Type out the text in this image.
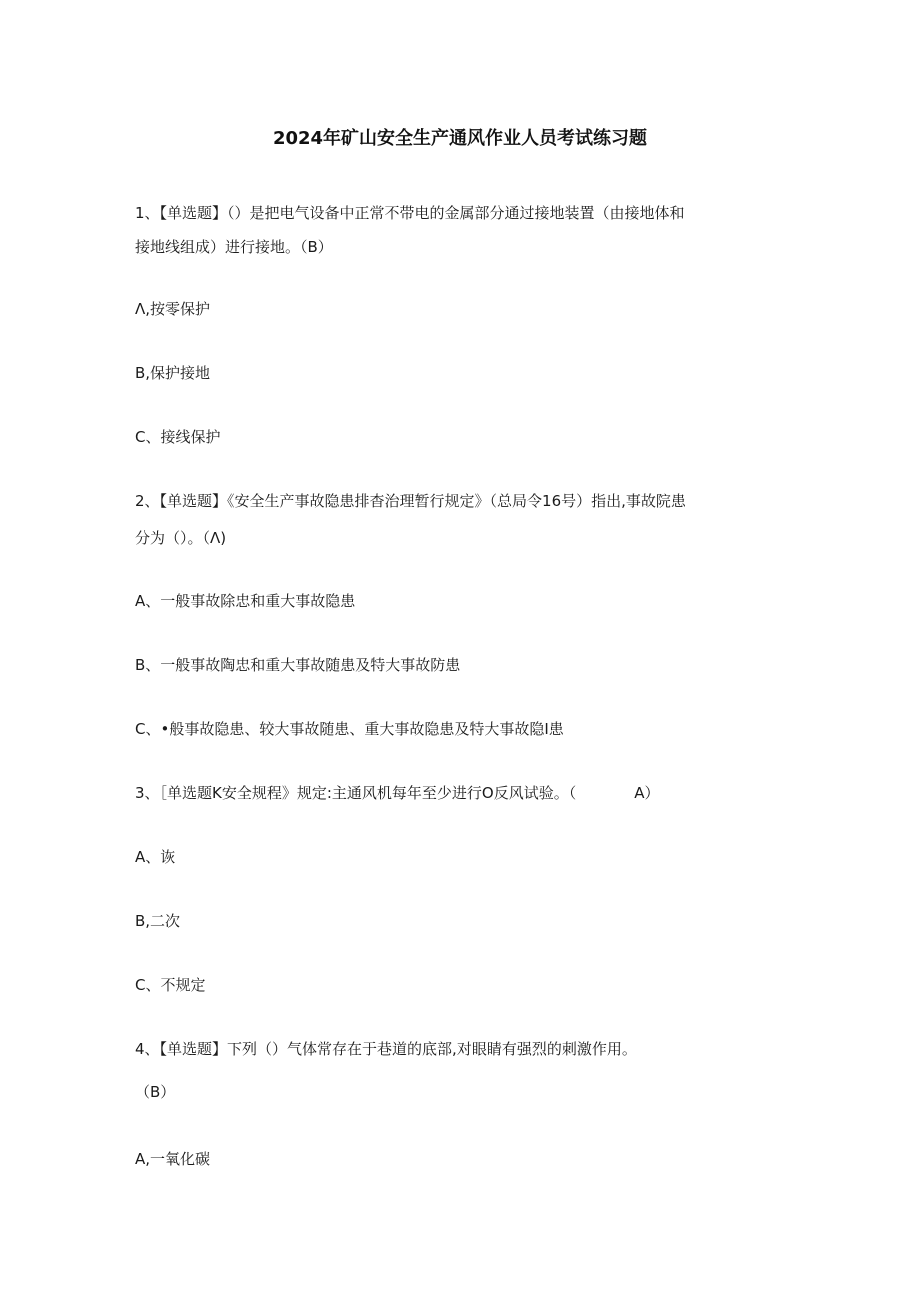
2024年矿山安全生产通风作业人员考试练习题
1、【单选题】（）是把电气设备中正常不带电的金属部分通过接地装置（由接地体和
接地线组成）进行接地。（B）
Λ,按零保护
B,保护接地
C、接线保护
2、【单选题】《安全生产事故隐患排杳治理暂行规定》（总局令16号）指出,事故院患
分为（）。（Λ)
A、一般事故除忠和重大事故隐患
B、一般事故陶忠和重大事故随患及特大事故防患
C、•般事故隐患、较大事故随患、重大事故隐患及特大事故隐I患
3、［单选题K安全规程》规定:主通风机每年至少进行O反风试验。（	A）
A、诙
B,二次
C、不规定
4、【单选题】下列（）气体常存在于巷道的底部,对眼睛有强烈的刺激作用。
（B）
A,一氧化碳
